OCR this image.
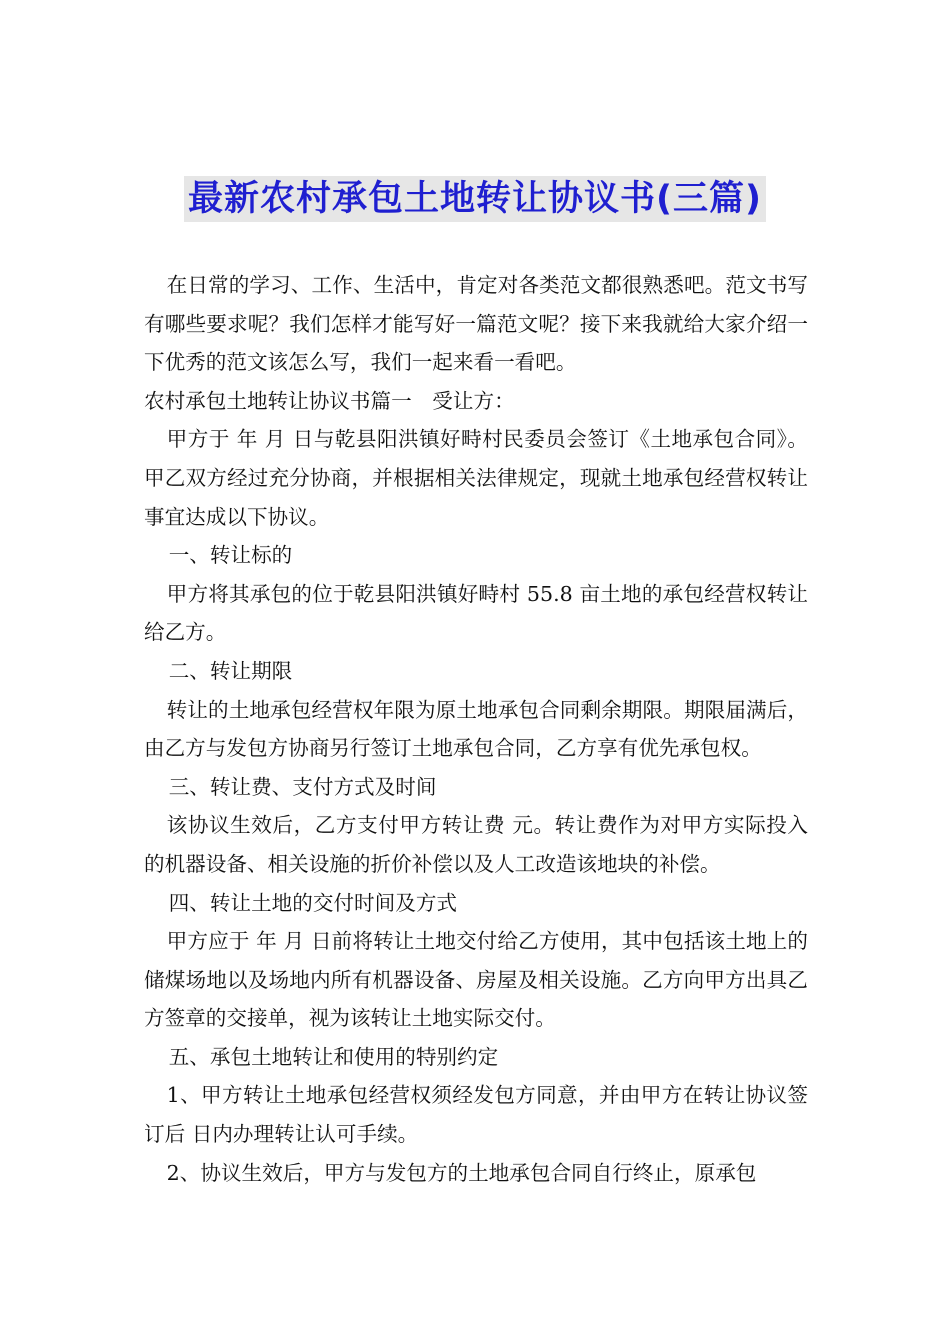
最新农村承包土地转让协议书(三篇)

在日常的学习、工作、生活中，肯定对各类范文都很熟悉吧。范文书写有哪些要求呢？我们怎样才能写好一篇范文呢？接下来我就给大家介绍一下优秀的范文该怎么写，我们一起来看一看吧。

农村承包土地转让协议书篇一　受让方：

甲方于 年 月 日与乾县阳洪镇好畤村民委员会签订《土地承包合同》。甲乙双方经过充分协商，并根据相关法律规定，现就土地承包经营权转让事宜达成以下协议。

一、转让标的

甲方将其承包的位于乾县阳洪镇好畤村 55.8 亩土地的承包经营权转让给乙方。

二、转让期限

转让的土地承包经营权年限为原土地承包合同剩余期限。期限届满后，由乙方与发包方协商另行签订土地承包合同，乙方享有优先承包权。

三、转让费、支付方式及时间

该协议生效后，乙方支付甲方转让费 元。转让费作为对甲方实际投入的机器设备、相关设施的折价补偿以及人工改造该地块的补偿。

四、转让土地的交付时间及方式

甲方应于 年 月 日前将转让土地交付给乙方使用，其中包括该土地上的储煤场地以及场地内所有机器设备、房屋及相关设施。乙方向甲方出具乙方签章的交接单，视为该转让土地实际交付。

五、承包土地转让和使用的特别约定

1、甲方转让土地承包经营权须经发包方同意，并由甲方在转让协议签订后 日内办理转让认可手续。

2、协议生效后，甲方与发包方的土地承包合同自行终止，原承包
